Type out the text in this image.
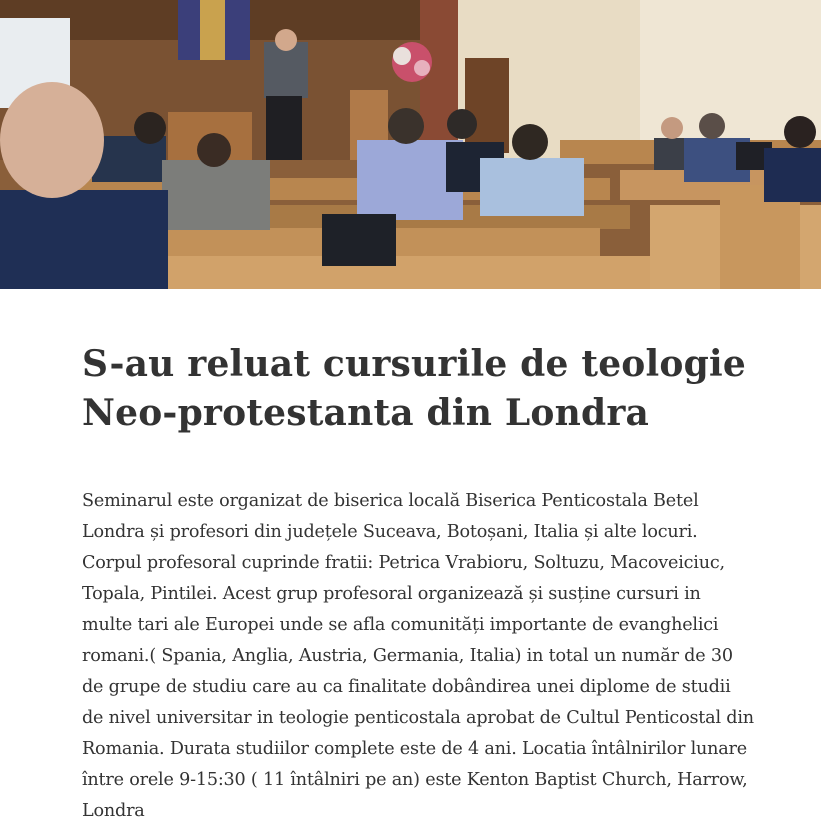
S-au reluat cursurile de teologie Neo-protestanta din Londra

Seminarul este organizat de biserica locală Biserica Penticostala Betel Londra și profesori din județele Suceava, Botoșani, Italia și alte locuri. Corpul profesoral cuprinde fratii: Petrica Vrabioru, Soltuzu, Macoveiciuc, Topala, Pintilei. Acest grup profesoral organizează și susține cursuri in multe tari ale Europei unde se afla comunități importante de evanghelici romani.( Spania, Anglia, Austria, Germania, Italia) in total un număr de 30 de grupe de studiu care au ca finalitate dobândirea unei diplome de studii de nivel universitar in teologie penticostala aprobat de Cultul Penticostal din Romania. Durata studiilor complete este de 4 ani. Locatia întâlnirilor lunare între orele 9-15:30 ( 11 întâlniri pe an) este Kenton Baptist Church, Harrow, Londra
